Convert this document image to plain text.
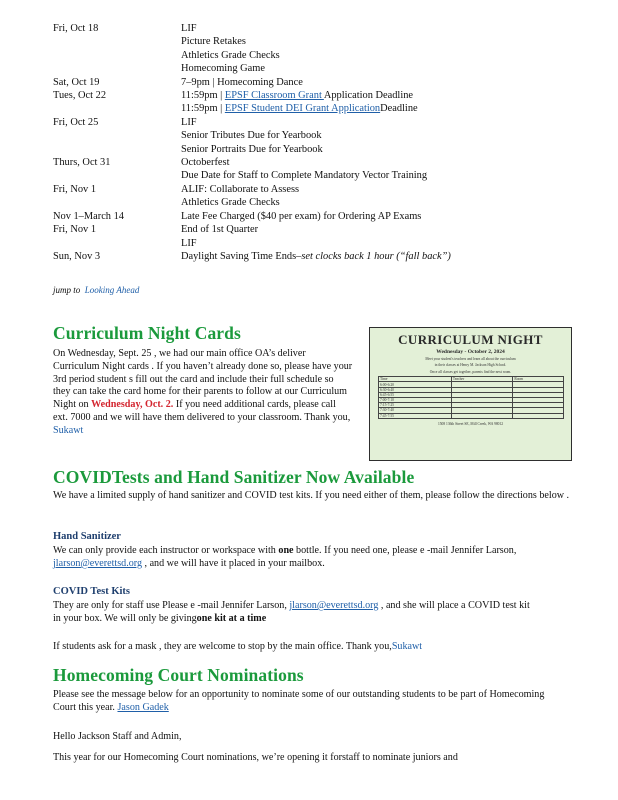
Fri, Oct 18	LIF
Picture Retakes
Athletics Grade Checks
Homecoming Game
Sat, Oct 19	7–9pm | Homecoming Dance
Tues, Oct 22	11:59pm | EPSF Classroom Grant Application Deadline
11:59pm | EPSF Student DEI Grant ApplicationDeadline
Fri, Oct 25	LIF
Senior Tributes Due for Yearbook
Senior Portraits Due for Yearbook
Thurs, Oct 31	Octoberfest
Due Date for Staff to Complete Mandatory Vector Training
Fri, Nov 1	ALIF: Collaborate to Assess
Athletics Grade Checks
Nov 1–March 14	Late Fee Charged ($40 per exam) for Ordering AP Exams
Fri, Nov 1	End of 1st Quarter
LIF
Sun, Nov 3	Daylight Saving Time Ends–set clocks back 1 hour (“fall back”)
jump to Looking Ahead
Curriculum Night Cards
On Wednesday, Sept. 25 , we had our main office OA’s deliver Curriculum Night cards . If you haven’t already done so, please have your 3rd period student s fill out the card and include their full schedule so they can take the card home for their parents to follow at our Curriculum Night on Wednesday, Oct. 2. If you need additional cards, please call ext. 7000 and we will have them delivered to your classroom. Thank you, Sukawt
CURRICULUM NIGHT
Wednesday - October 2, 2024
Meet your student's teachers and learn all about the curriculum
in their classes at Henry M. Jackson High School.
Once all classes get together, parents find the next room.
Time	Teacher	Room
6:00-6:20		
6:30-6:40		
6:45-6:55		
7:00-7:10		
7:15-7:25		
7:30-7:40		
7:45-7:55		
1508 136th Street SE, Mill Creek, WA 98012
COVIDTests and Hand Sanitizer Now Available
We have a limited supply of hand sanitizer and COVID test kits. If you need either of them, please follow the directions below .
Hand Sanitizer
We can only provide each instructor or workspace with one bottle. If you need one, please e -mail Jennifer Larson, jlarson@everettsd.org , and we will have it placed in your mailbox.
COVID Test Kits
They are only for staff use Please e -mail Jennifer Larson, jlarson@everettsd.org , and she will place a COVID test kit in your box. We will only be givingone kit at a time
If students ask for a mask , they are welcome to stop by the main office. Thank you,Sukawt
Homecoming Court Nominations
Please see the message below for an opportunity to nominate some of our outstanding students to be part of Homecoming Court this year. Jason Gadek
Hello Jackson Staff and Admin,
This year for our Homecoming Court nominations, we’re opening it forstaff to nominate juniors and
